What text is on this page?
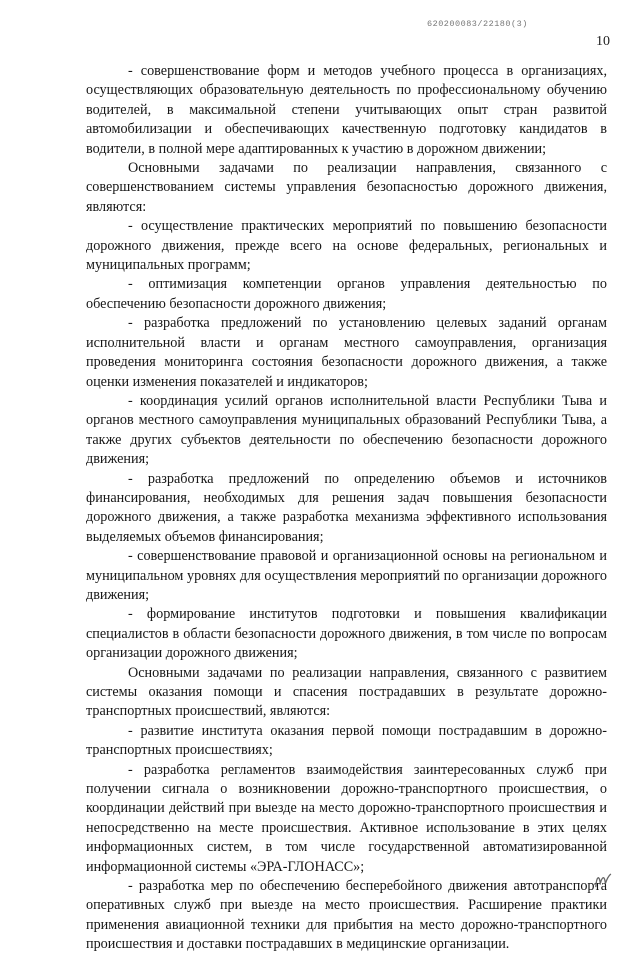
620200083/22180(3)
10

- совершенствование форм и методов учебного процесса в организациях, осуществляющих образовательную деятельность по профессиональному обучению водителей, в максимальной степени учитывающих опыт стран развитой автомобилизации и обеспечивающих качественную подготовку кандидатов в водители, в полной мере адаптированных к участию в дорожном движении;

Основными задачами по реализации направления, связанного с совершенствованием системы управления безопасностью дорожного движения, являются:

- осуществление практических мероприятий по повышению безопасности дорожного движения, прежде всего на основе федеральных, региональных и муниципальных программ;

- оптимизация компетенции органов управления деятельностью по обеспечению безопасности дорожного движения;

- разработка предложений по установлению целевых заданий органам исполнительной власти и органам местного самоуправления, организация проведения мониторинга состояния безопасности дорожного движения, а также оценки изменения показателей и индикаторов;

- координация усилий органов исполнительной власти Республики Тыва и органов местного самоуправления муниципальных образований Республики Тыва, а также других субъектов деятельности по обеспечению безопасности дорожного движения;

- разработка предложений по определению объемов и источников финансирования, необходимых для решения задач повышения безопасности дорожного движения, а также разработка механизма эффективного использования выделяемых объемов финансирования;

- совершенствование правовой и организационной основы на региональном и муниципальном уровнях для осуществления мероприятий по организации дорожного движения;

- формирование институтов подготовки и повышения квалификации специалистов в области безопасности дорожного движения, в том числе по вопросам организации дорожного движения;

Основными задачами по реализации направления, связанного с развитием системы оказания помощи и спасения пострадавших в результате дорожно-транспортных происшествий, являются:

- развитие института оказания первой помощи пострадавшим в дорожно-транспортных происшествиях;

- разработка регламентов взаимодействия заинтересованных служб при получении сигнала о возникновении дорожно-транспортного происшествия, о координации действий при выезде на место дорожно-транспортного происшествия и непосредственно на месте происшествия. Активное использование в этих целях информационных систем, в том числе государственной автоматизированной информационной системы «ЭРА-ГЛОНАСС»;

- разработка мер по обеспечению бесперебойного движения автотранспорта оперативных служб при выезде на место происшествия. Расширение практики применения авиационной техники для прибытия на место дорожно-транспортного происшествия и доставки пострадавших в медицинские организации.
